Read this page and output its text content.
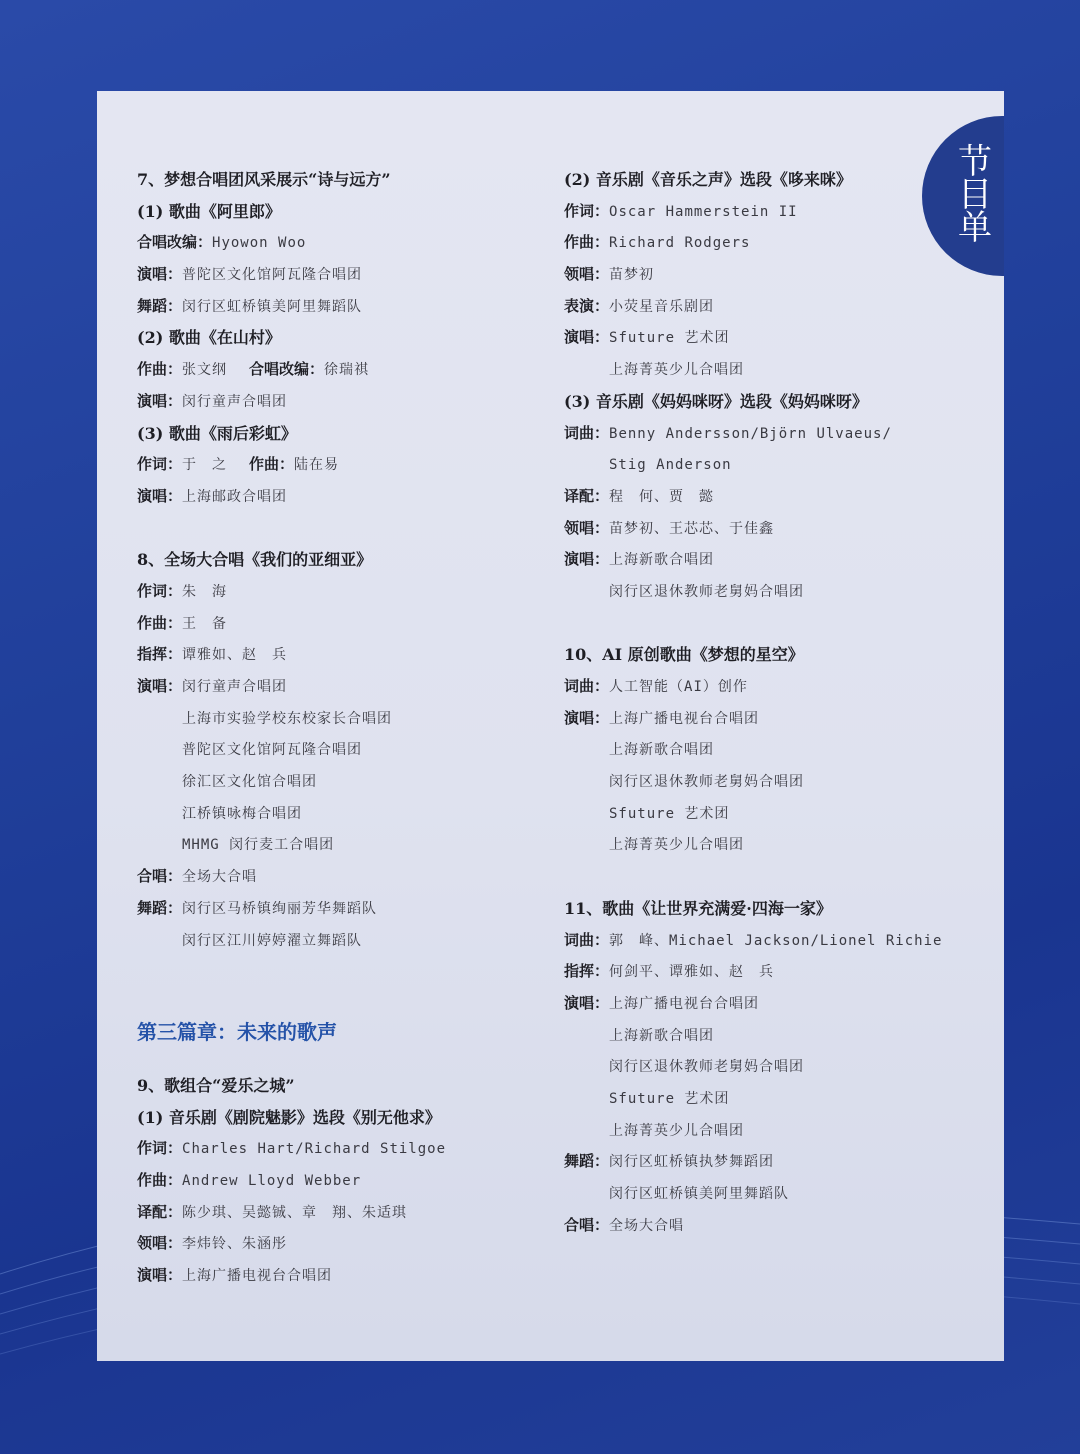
节目单
7、梦想合唱团风采展示“诗与远方”
(1) 歌曲《阿里郎》
合唱改编：Hyowon Woo
演唱：普陀区文化馆阿瓦隆合唱团
舞蹈：闵行区虹桥镇美阿里舞蹈队
(2) 歌曲《在山村》
作曲：张文纲 合唱改编：徐瑞祺
演唱：闵行童声合唱团
(3) 歌曲《雨后彩虹》
作词：于　之 作曲：陆在易
演唱：上海邮政合唱团
8、全场大合唱《我们的亚细亚》
作词：朱　海
作曲：王　备
指挥：谭雅如、赵　兵
演唱：闵行童声合唱团
上海市实验学校东校家长合唱团
普陀区文化馆阿瓦隆合唱团
徐汇区文化馆合唱团
江桥镇咏梅合唱团
MHMG 闵行麦工合唱团
合唱：全场大合唱
舞蹈：闵行区马桥镇绚丽芳华舞蹈队
闵行区江川婷婷濯立舞蹈队
第三篇章：未来的歌声
9、歌组合“爱乐之城”
(1) 音乐剧《剧院魅影》选段《别无他求》
作词：Charles Hart/Richard Stilgoe
作曲：Andrew Lloyd Webber
译配：陈少琪、吴懿铖、章　翔、朱适琪
领唱：李炜铃、朱涵彤
演唱：上海广播电视台合唱团
(2) 音乐剧《音乐之声》选段《哆来咪》
作词：Oscar Hammerstein II
作曲：Richard Rodgers
领唱：苗梦初
表演：小荧星音乐剧团
演唱：Sfuture 艺术团
上海菁英少儿合唱团
(3) 音乐剧《妈妈咪呀》选段《妈妈咪呀》
词曲：Benny Andersson/Björn Ulvaeus/
Stig Anderson
译配：程　何、贾　懿
领唱：苗梦初、王芯芯、于佳鑫
演唱：上海新歌合唱团
闵行区退休教师老舅妈合唱团
10、AI 原创歌曲《梦想的星空》
词曲：人工智能（AI）创作
演唱：上海广播电视台合唱团
上海新歌合唱团
闵行区退休教师老舅妈合唱团
Sfuture 艺术团
上海菁英少儿合唱团
11、歌曲《让世界充满爱·四海一家》
词曲：郭　峰、Michael Jackson/Lionel Richie
指挥：何剑平、谭雅如、赵　兵
演唱：上海广播电视台合唱团
上海新歌合唱团
闵行区退休教师老舅妈合唱团
Sfuture 艺术团
上海菁英少儿合唱团
舞蹈：闵行区虹桥镇执梦舞蹈团
闵行区虹桥镇美阿里舞蹈队
合唱：全场大合唱
